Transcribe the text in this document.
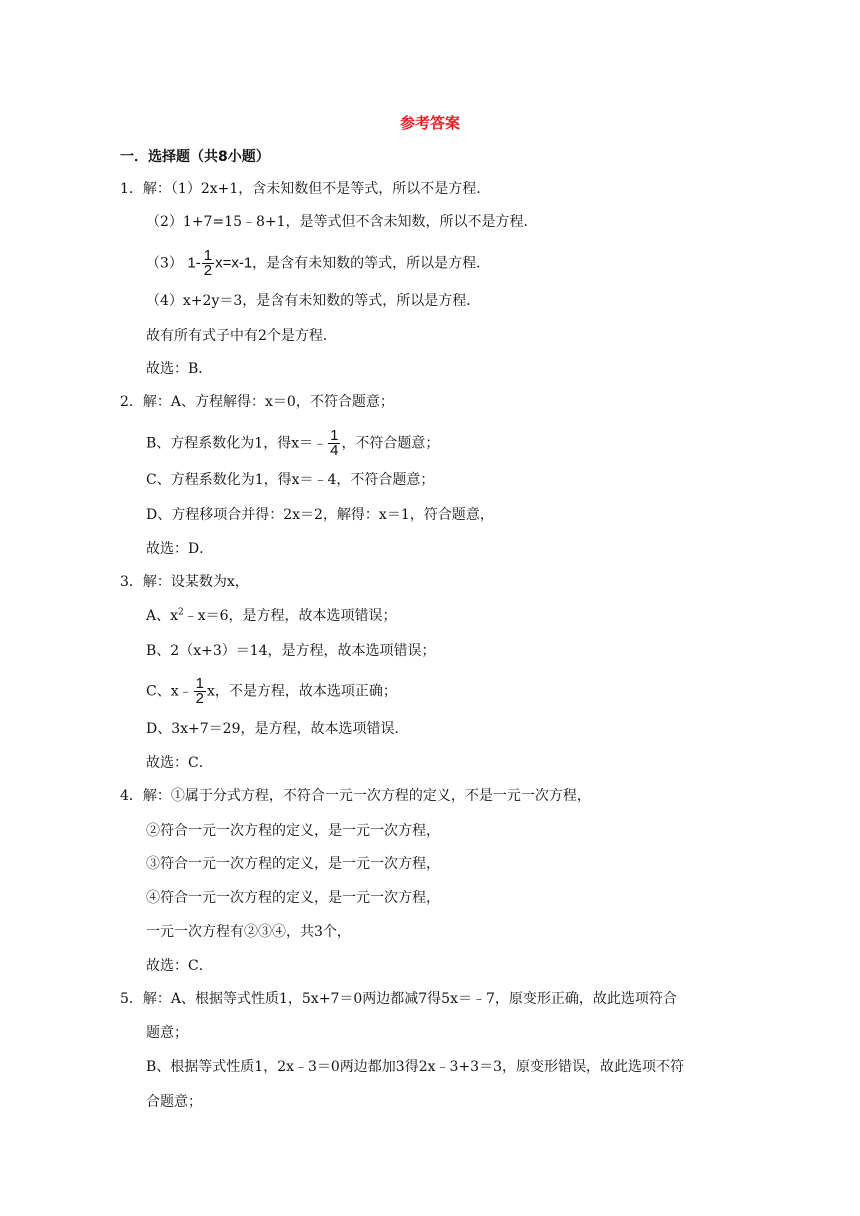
参考答案
一．选择题（共8小题）
1．解：（1）2x+1，含未知数但不是等式，所以不是方程．
（2）1+7=15﹣8+1，是等式但不含未知数，所以不是方程．
（3） $1- \frac{1}{2} x=x-1$，是含有未知数的等式，所以是方程．
（4）x+2y＝3，是含有未知数的等式，所以是方程．
故有所有式子中有2个是方程．
故选：B．
2．解：A、方程解得：x＝0，不符合题意；
B、方程系数化为1，得x＝﹣ $\frac{1}{4}$ ，不符合题意；
C、方程系数化为1，得x＝﹣4，不符合题意；
D、方程移项合并得：2x＝2，解得：x＝1，符合题意，
故选：D．
3．解：设某数为x，
A、$x^2﹣x=6$，是方程，故本选项错误；
B、2（x+3）＝14，是方程，故本选项错误；
C、x﹣ $\frac{1}{2}$ x，不是方程，故本选项正确；
D、3x+7＝29，是方程，故本选项错误．
故选：C．
4．解：①属于分式方程，不符合一元一次方程的定义，不是一元一次方程，
②符合一元一次方程的定义，是一元一次方程，
③符合一元一次方程的定义，是一元一次方程，
④符合一元一次方程的定义，是一元一次方程，
一元一次方程有②③④，共3个，
故选：C．
5．解：A、根据等式性质1，5x+7＝0两边都减7得5x＝﹣7，原变形正确，故此选项符合
题意；
B、根据等式性质1，2x﹣3＝0两边都加3得2x﹣3+3＝3，原变形错误，故此选项不符
合题意；
